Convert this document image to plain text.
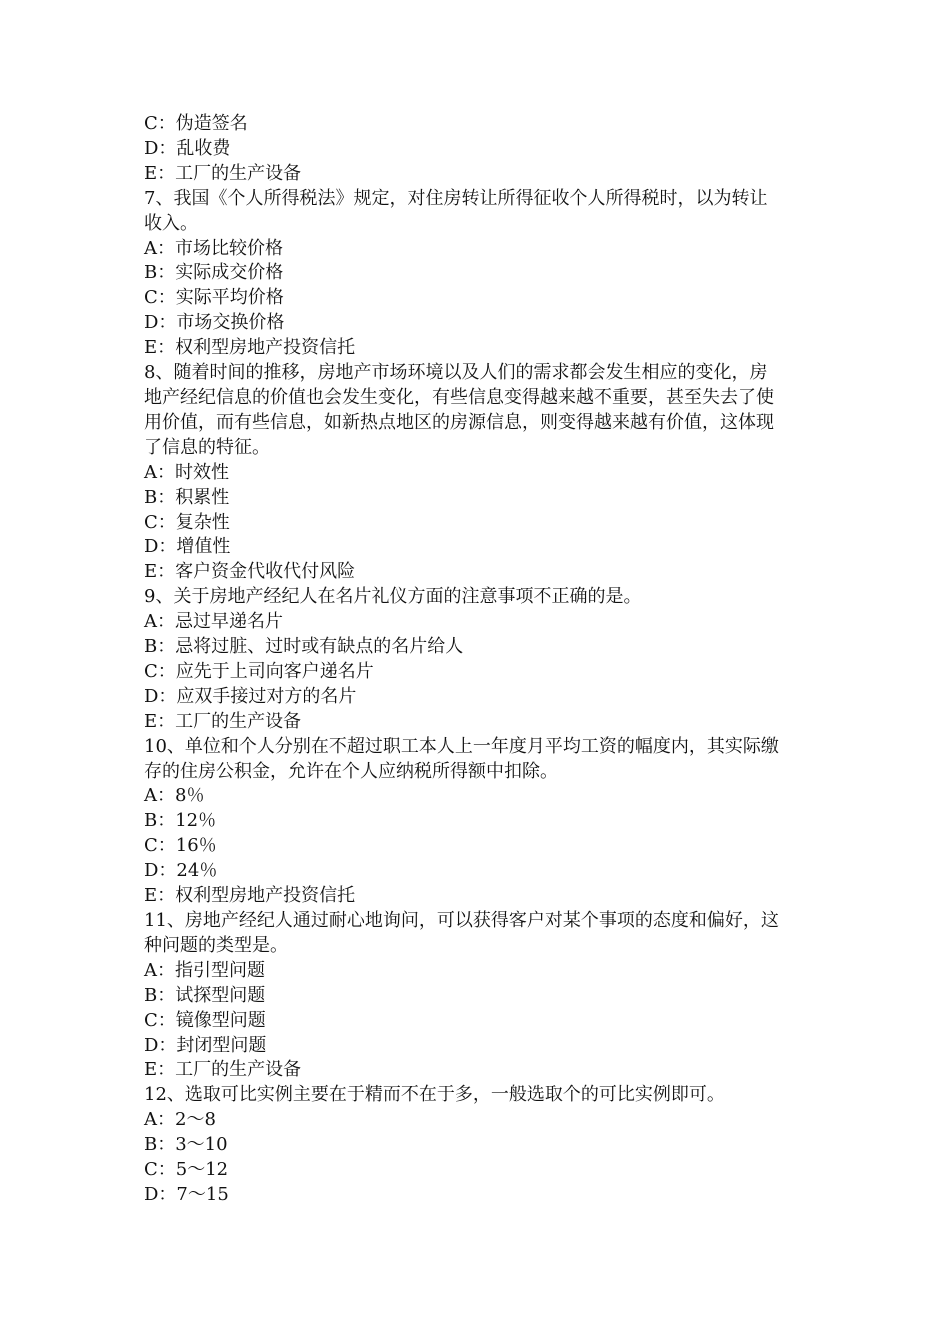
C：伪造签名

D：乱收费

E：工厂的生产设备

7、我国《个人所得税法》规定，对住房转让所得征收个人所得税时，以为转让

收入。

A：市场比较价格

B：实际成交价格

C：实际平均价格

D：市场交换价格

E：权利型房地产投资信托

8、随着时间的推移，房地产市场环境以及人们的需求都会发生相应的变化，房

地产经纪信息的价值也会发生变化，有些信息变得越来越不重要，甚至失去了使

用价值，而有些信息，如新热点地区的房源信息，则变得越来越有价值，这体现

了信息的特征。

A：时效性

B：积累性

C：复杂性

D：增值性

E：客户资金代收代付风险

9、关于房地产经纪人在名片礼仪方面的注意事项不正确的是。

A：忌过早递名片

B：忌将过脏、过时或有缺点的名片给人

C：应先于上司向客户递名片

D：应双手接过对方的名片

E：工厂的生产设备

10、单位和个人分别在不超过职工本人上一年度月平均工资的幅度内，其实际缴

存的住房公积金，允许在个人应纳税所得额中扣除。

A：8％

B：12％

C：16％

D：24％

E：权利型房地产投资信托

11、房地产经纪人通过耐心地询问，可以获得客户对某个事项的态度和偏好，这

种问题的类型是。

A：指引型问题

B：试探型问题

C：镜像型问题

D：封闭型问题

E：工厂的生产设备

12、选取可比实例主要在于精而不在于多，一般选取个的可比实例即可。

A：2～8

B：3～10

C：5～12

D：7～15
